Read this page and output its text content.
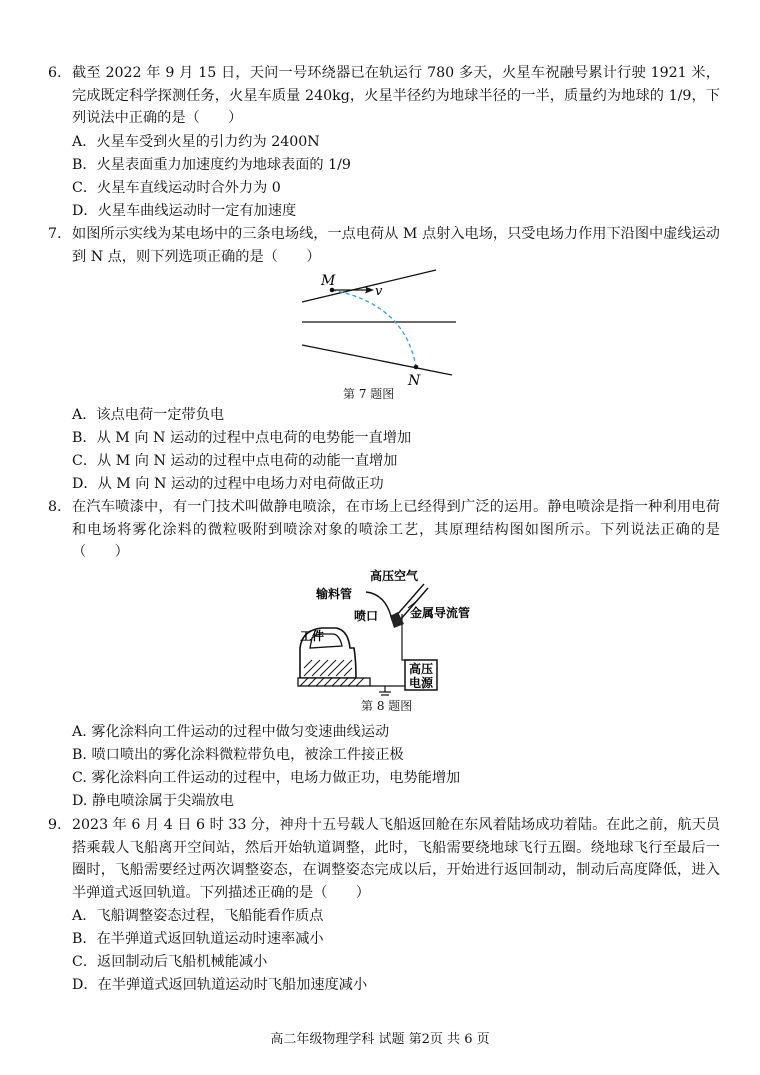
6. 截至 2022 年 9 月 15 日，天问一号环绕器已在轨运行 780 多天，火星车祝融号累计行驶 1921 米，完成既定科学探测任务，火星车质量 240kg，火星半径约为地球半径的一半，质量约为地球的 1/9，下列说法中正确的是（　　）
A．火星车受到火星的引力约为 2400N
B．火星表面重力加速度约为地球表面的 1/9
C．火星车直线运动时合外力为 0
D．火星车曲线运动时一定有加速度
7. 如图所示实线为某电场中的三条电场线，一点电荷从 M 点射入电场，只受电场力作用下沿图中虚线运动到 N 点，则下列选项正确的是（　　）
M
v
N
第 7 题图
A．该点电荷一定带负电
B．从 M 向 N 运动的过程中点电荷的电势能一直增加
C．从 M 向 N 运动的过程中点电荷的动能一直增加
D．从 M 向 N 运动的过程中电场力对电荷做正功
8. 在汽车喷漆中，有一门技术叫做静电喷涂，在市场上已经得到广泛的运用。静电喷涂是指一种利用电荷和电场将雾化涂料的微粒吸附到喷涂对象的喷涂工艺，其原理结构图如图所示。下列说法正确的是（　　）
高压
电源
高压空气
输料管
喷口	金属导流管
工件
第 8 题图
A. 雾化涂料向工件运动的过程中做匀变速曲线运动
B. 喷口喷出的雾化涂料微粒带负电，被涂工件接正极
C. 雾化涂料向工件运动的过程中，电场力做正功，电势能增加
D. 静电喷涂属于尖端放电
9. 2023 年 6 月 4 日 6 时 33 分，神舟十五号载人飞船返回舱在东风着陆场成功着陆。在此之前，航天员搭乘载人飞船离开空间站，然后开始轨道调整，此时，飞船需要绕地球飞行五圈。绕地球飞行至最后一圈时，飞船需要经过两次调整姿态，在调整姿态完成以后，开始进行返回制动，制动后高度降低，进入半弹道式返回轨道。下列描述正确的是（　　）
A．飞船调整姿态过程，飞船能看作质点
B．在半弹道式返回轨道运动时速率减小
C．返回制动后飞船机械能减小
D．在半弹道式返回轨道运动时飞船加速度减小
高二年级物理学科 试题 第2页 共 6 页
